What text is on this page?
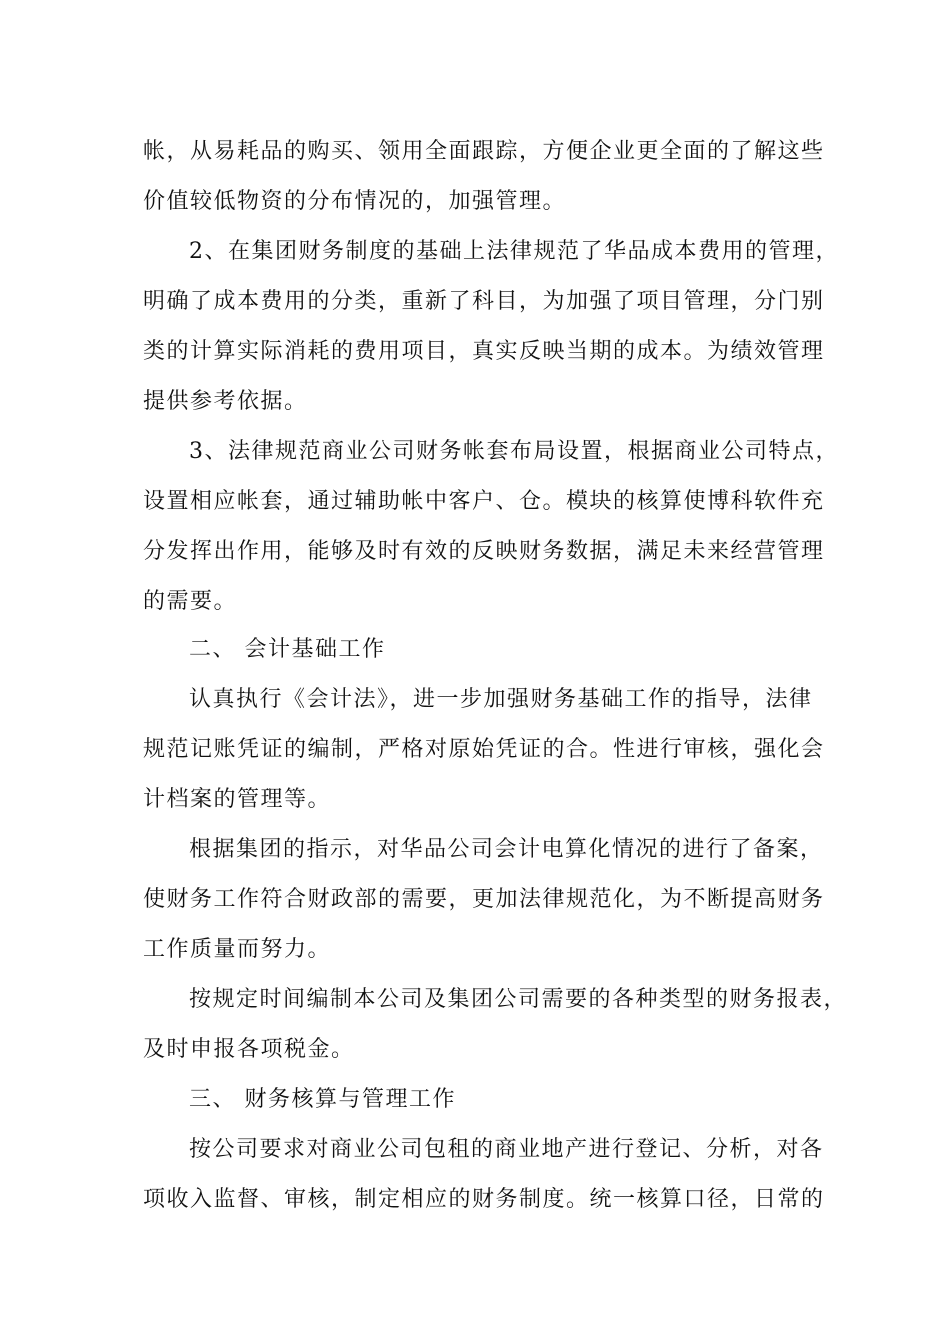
帐，从易耗品的购买、领用全面跟踪，方便企业更全面的了解这些
价值较低物资的分布情况的，加强管理。
2、在集团财务制度的基础上法律规范了华品成本费用的管理，
明确了成本费用的分类，重新了科目，为加强了项目管理，分门别
类的计算实际消耗的费用项目，真实反映当期的成本。为绩效管理
提供参考依据。
3、法律规范商业公司财务帐套布局设置，根据商业公司特点，
设置相应帐套，通过辅助帐中客户、仓。模块的核算使博科软件充
分发挥出作用，能够及时有效的反映财务数据，满足未来经营管理
的需要。
二、 会计基础工作
认真执行《会计法》，进一步加强财务基础工作的指导，法律
规范记账凭证的编制，严格对原始凭证的合。性进行审核，强化会
计档案的管理等。
根据集团的指示，对华品公司会计电算化情况的进行了备案，
使财务工作符合财政部的需要，更加法律规范化，为不断提高财务
工作质量而努力。
按规定时间编制本公司及集团公司需要的各种类型的财务报表，
及时申报各项税金。
三、 财务核算与管理工作
按公司要求对商业公司包租的商业地产进行登记、分析，对各
项收入监督、审核，制定相应的财务制度。统一核算口径，日常的
